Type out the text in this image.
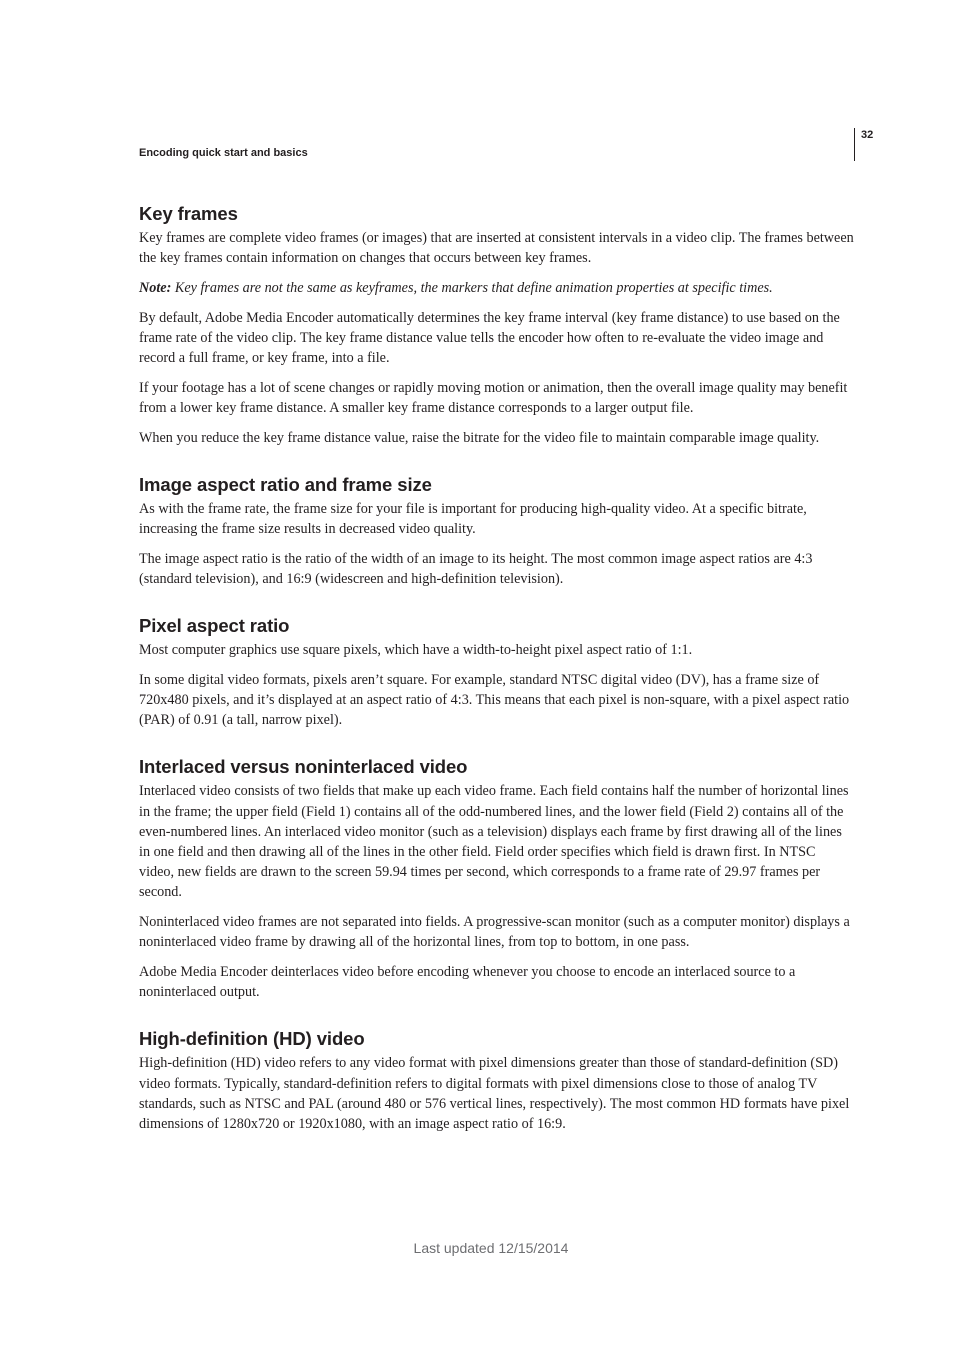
32
Encoding quick start and basics
Key frames

Key frames are complete video frames (or images) that are inserted at consistent intervals in a video clip. The frames between the key frames contain information on changes that occurs between key frames.

Note: Key frames are not the same as keyframes, the markers that define animation properties at specific times.

By default, Adobe Media Encoder automatically determines the key frame interval (key frame distance) to use based on the frame rate of the video clip. The key frame distance value tells the encoder how often to re-evaluate the video image and record a full frame, or key frame, into a file.

If your footage has a lot of scene changes or rapidly moving motion or animation, then the overall image quality may benefit from a lower key frame distance. A smaller key frame distance corresponds to a larger output file.

When you reduce the key frame distance value, raise the bitrate for the video file to maintain comparable image quality.

Image aspect ratio and frame size

As with the frame rate, the frame size for your file is important for producing high-quality video. At a specific bitrate, increasing the frame size results in decreased video quality.

The image aspect ratio is the ratio of the width of an image to its height. The most common image aspect ratios are 4:3 (standard television), and 16:9 (widescreen and high-definition television).

Pixel aspect ratio

Most computer graphics use square pixels, which have a width-to-height pixel aspect ratio of 1:1.

In some digital video formats, pixels aren’t square. For example, standard NTSC digital video (DV), has a frame size of 720x480 pixels, and it’s displayed at an aspect ratio of 4:3. This means that each pixel is non-square, with a pixel aspect ratio (PAR) of 0.91 (a tall, narrow pixel).

Interlaced versus noninterlaced video

Interlaced video consists of two fields that make up each video frame. Each field contains half the number of horizontal lines in the frame; the upper field (Field 1) contains all of the odd-numbered lines, and the lower field (Field 2) contains all of the even-numbered lines. An interlaced video monitor (such as a television) displays each frame by first drawing all of the lines in one field and then drawing all of the lines in the other field. Field order specifies which field is drawn first. In NTSC video, new fields are drawn to the screen 59.94 times per second, which corresponds to a frame rate of 29.97 frames per second.

Noninterlaced video frames are not separated into fields. A progressive-scan monitor (such as a computer monitor) displays a noninterlaced video frame by drawing all of the horizontal lines, from top to bottom, in one pass.

Adobe Media Encoder deinterlaces video before encoding whenever you choose to encode an interlaced source to a noninterlaced output.

High-definition (HD) video

High-definition (HD) video refers to any video format with pixel dimensions greater than those of standard-definition (SD) video formats. Typically, standard-definition refers to digital formats with pixel dimensions close to those of analog TV standards, such as NTSC and PAL (around 480 or 576 vertical lines, respectively). The most common HD formats have pixel dimensions of 1280x720 or 1920x1080, with an image aspect ratio of 16:9.

Last updated 12/15/2014
